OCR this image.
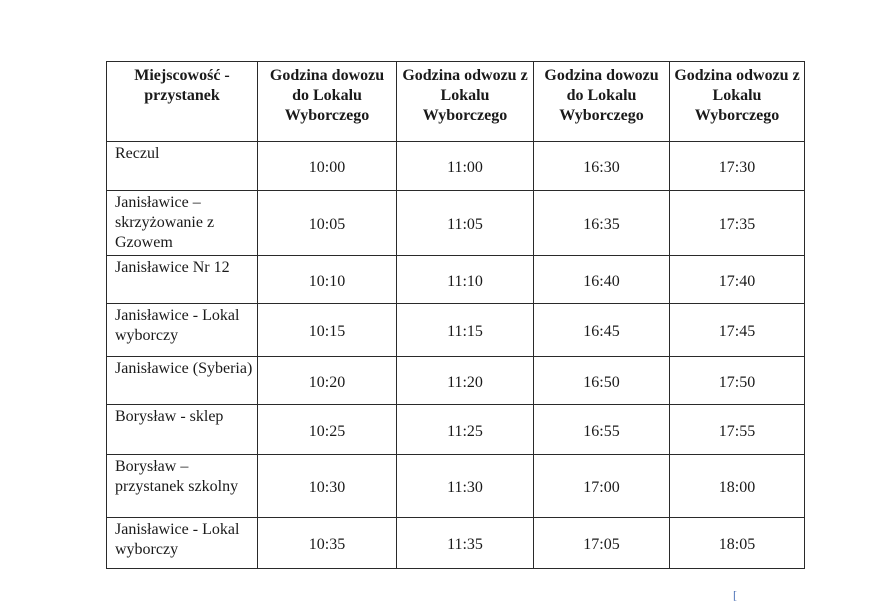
Miejscowość - przystanek	Godzina dowozu do Lokalu Wyborczego	Godzina odwozu z Lokalu Wyborczego	Godzina dowozu do Lokalu Wyborczego	Godzina odwozu z Lokalu Wyborczego
Reczul	10:00	11:00	16:30	17:30
Janisławice – skrzyżowanie z Gzowem	10:05	11:05	16:35	17:35
Janisławice Nr 12	10:10	11:10	16:40	17:40
Janisławice - Lokal wyborczy	10:15	11:15	16:45	17:45
Janisławice (Syberia)	10:20	11:20	16:50	17:50
Borysław - sklep	10:25	11:25	16:55	17:55
Borysław – przystanek szkolny	10:30	11:30	17:00	18:00
Janisławice - Lokal wyborczy	10:35	11:35	17:05	18:05
[
